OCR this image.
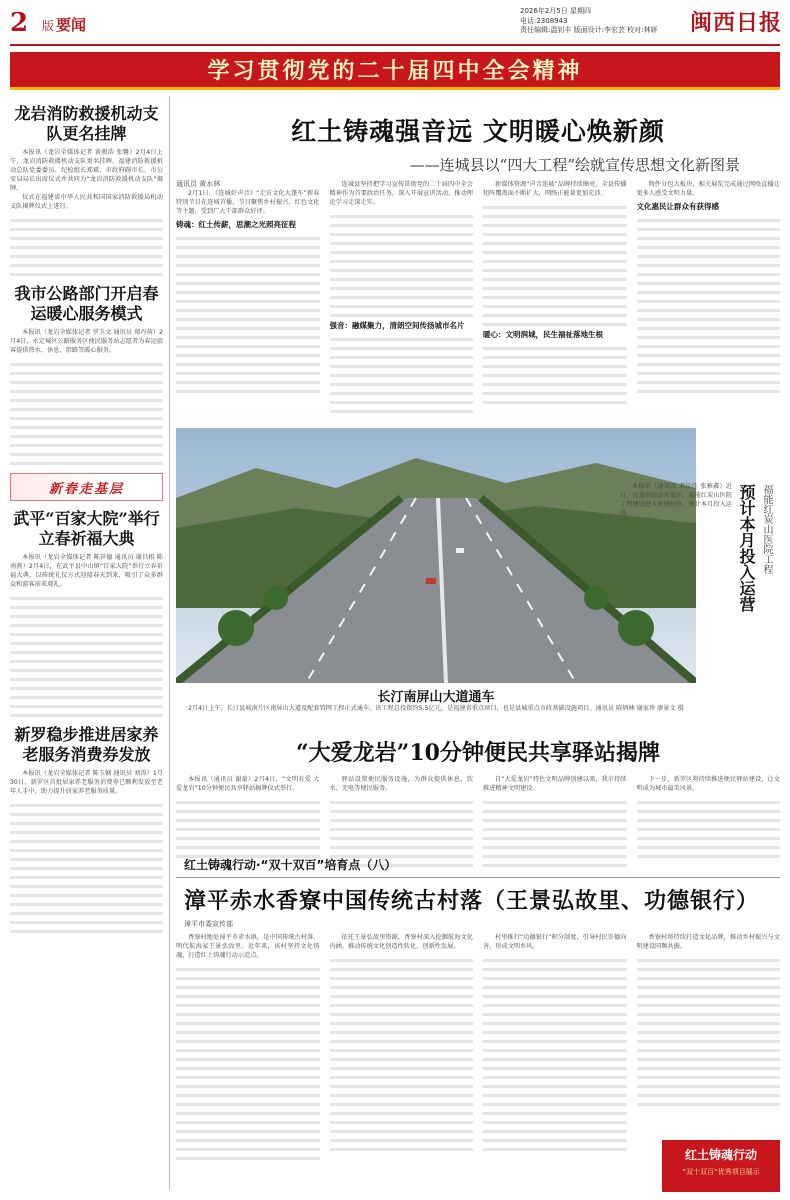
2 版 要闻
2026年2月5日 星期四
电话:2308943
责任编辑:温钊丰 版面设计:李宏芸 校对:林妍 闽西日报
学习贯彻党的二十届四中全会精神
龙岩消防救援机动支队更名挂牌
本报讯（龙岩全媒体记者 黄骏浩 张馨）2月4日上午，龙岩消防救援机动支队更名挂牌。福建消防救援机动总队党委委员、纪检组长郑斌、市政府副市长、市公安局局长出席仪式并共同为“龙岩消防救援机动支队”揭牌。
仪式在福建省中华人民共和国国家消防救援局机动支队揭牌仪式上进行。
我市公路部门开启春运暖心服务模式
本报讯（龙岩全媒体记者 罗玉文 通讯员 郑丹荷）2月4日，永定城区公路服务区便民服务站志愿者为春运旅客提供热水、休息、指路等暖心服务。
新春走基层
武平“百家大院”举行立春祈福大典
本报讯（龙岩全媒体记者 陈祥德 通讯员 谢昌根 陈南燕）2月4日，在武平县中山镇“百家大院”举行立春祈福大典，以传统礼仪方式迎接春天到来，吸引了众多群众和游客前来观礼。
新罗稳步推进居家养老服务消费券发放
本报讯（龙岩全媒体记者 陈玉娴 通讯员 刘涛）1月30日，新罗区首批居家养老服务消费券已顺利发放至老年人手中，助力提升居家养老服务质量。
红土铸魂强音远 文明暖心焕新颜
——连城县以“四大工程”绘就宣传思想文化新图景
通讯员 黄水林

2月1日，《连城好声音》“走访文化大篷车”新春特别节目在连城首播，节目聚焦乡村振兴、红色文化等主题，受到广大干部群众好评。

铸魂：红土传薪，思潮之光照亮征程

连城县坚持把学习宣传贯彻党的二十届四中全会精神作为首要政治任务，深入开展宣讲活动，推动理论学习走深走实。

强音：融媒聚力，清朗空间传扬城市名片

新媒体资源“声音连城”品牌持续擦亮，全县传播矩阵覆盖面不断扩大，网络正能量更加充沛。

暖心：文明润城，民生福祉落地生根

物件分包大板块，相关展览完成通过网络直播让更多人感受文明力量。

文化惠民让群众有获得感

长汀南屏山大道通车
2月4日上午，长汀县城南片区南屏山大道及配套管网工程正式通车。该工程总投资约5.5亿元，是福建省重点项目，也是县城重点市政基础设施项目。通讯员 陈炳林 谢家珍 廖景文 摄
本报讯（通讯员 邓佳佳 张雅鑫）近日，在龙岩经济开发区，福能红炭山医院工程建设进入收尾阶段，预计本月投入运营。	预计本月投入运营 福能红炭山医院工程
“大爱龙岩”10分钟便民共享驿站揭牌

本报讯（通讯员 谢豪）2月4日，“文明有爱 大爱龙岩”10分钟便民共享驿站揭牌仪式举行。

驿站设置便民服务设施，为群众提供休息、饮水、充电等便民服务。

自“大爱龙岩”特色文明品牌创建以来，我市持续推进精神文明建设。

下一步，新罗区将持续推进便民驿站建设，让文明成为城市最美风景。

红土铸魂行动·“双十双百”培育点（八）
漳平赤水香寮中国传统古村落（王景弘故里、功德银行）
漳平市委宣传部

香寮村地处漳平市赤水镇，是中国传统古村落，明代航海家王景弘故里。近年来，该村坚持文化铸魂，打造红土铸魂行动示范点。

依托王景弘故里资源，香寮村深入挖掘航海文化内涵，推动传统文化创造性转化、创新性发展。

村里推行“功德银行”积分制度，引导村民崇德向善，形成文明乡风。

香寮村将持续打造文化品牌，推动乡村振兴与文明建设同频共振。

红土铸魂行动
“双十双百”优秀项目展示
